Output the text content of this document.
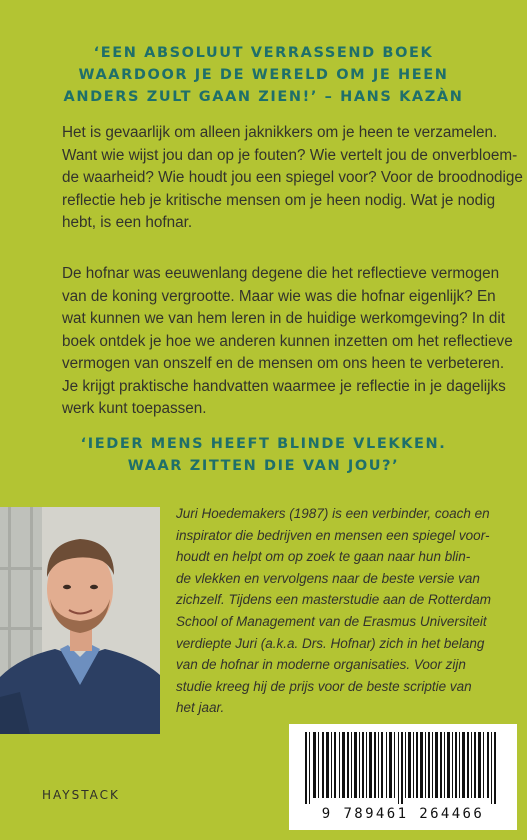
‘EEN ABSOLUUT VERRASSEND BOEK
WAARDOOR JE DE WERELD OM JE HEEN
ANDERS ZULT GAAN ZIEN!’ – HANS KAZÀN
Het is gevaarlijk om alleen jaknikkers om je heen te verzamelen.
Want wie wijst jou dan op je fouten? Wie vertelt jou de onverbloem-
de waarheid? Wie houdt jou een spiegel voor? Voor de broodnodige
reflectie heb je kritische mensen om je heen nodig. Wat je nodig
hebt, is een hofnar.
De hofnar was eeuwenlang degene die het reflectieve vermogen
van de koning vergrootte. Maar wie was die hofnar eigenlijk? En
wat kunnen we van hem leren in de huidige werkomgeving? In dit
boek ontdek je hoe we anderen kunnen inzetten om het reflectieve
vermogen van onszelf en de mensen om ons heen te verbeteren.
Je krijgt praktische handvatten waarmee je reflectie in je dagelijks
werk kunt toepassen.
‘IEDER MENS HEEFT BLINDE VLEKKEN.
WAAR ZITTEN DIE VAN JOU?’
Juri Hoedemakers (1987) is een verbinder, coach en
inspirator die bedrijven en mensen een spiegel voor-
houdt en helpt om op zoek te gaan naar hun blin-
de vlekken en vervolgens naar de beste versie van
zichzelf. Tijdens een masterstudie aan de Rotterdam
School of Management van de Erasmus Universiteit
verdiepte Juri (a.k.a. Drs. Hofnar) zich in het belang
van de hofnar in moderne organisaties. Voor zijn
studie kreeg hij de prijs voor de beste scriptie van
het jaar.
HAYSTACK
9 789461 264466
